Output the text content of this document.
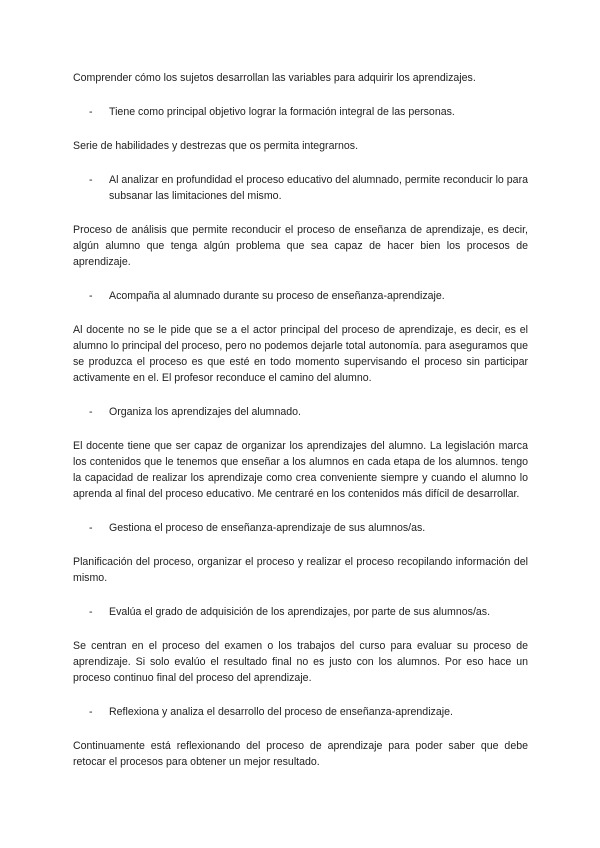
Comprender cómo los sujetos desarrollan las variables para adquirir los aprendizajes.

- Tiene como principal objetivo lograr la formación integral de las personas.

Serie de habilidades y destrezas que os permita integrarnos.

- Al analizar en profundidad el proceso educativo del alumnado, permite reconducir lo para subsanar las limitaciones del mismo.

Proceso de análisis que permite reconducir el proceso de enseñanza de aprendizaje, es decir, algún alumno que tenga algún problema que sea capaz de hacer bien los procesos de aprendizaje.

- Acompaña al alumnado durante su proceso de enseñanza-aprendizaje.

Al docente no se le pide que se a el actor principal del proceso de aprendizaje, es decir, es el alumno lo principal del proceso, pero no podemos dejarle total autonomía. para aseguramos que se produzca el proceso es que esté en todo momento supervisando el proceso sin participar activamente en el. El profesor reconduce el camino del alumno.

- Organiza los aprendizajes del alumnado.

El docente tiene que ser capaz de organizar los aprendizajes del alumno. La legislación marca los contenidos que le tenemos que enseñar a los alumnos en cada etapa de los alumnos. tengo la capacidad de realizar los aprendizaje como crea conveniente siempre y cuando el alumno lo aprenda al final del proceso educativo. Me centraré en los contenidos más difícil de desarrollar.

- Gestiona el proceso de enseñanza-aprendizaje de sus alumnos/as.

Planificación del proceso, organizar el proceso y realizar el proceso recopilando información del mismo.

- Evalúa el grado de adquisición de los aprendizajes, por parte de sus alumnos/as.

Se centran en el proceso del examen o los trabajos del curso para evaluar su proceso de aprendizaje. Si solo evalúo el resultado final no es justo con los alumnos. Por eso hace un proceso continuo final del proceso del aprendizaje.

- Reflexiona y analiza el desarrollo del proceso de enseñanza-aprendizaje.

Continuamente está reflexionando del proceso de aprendizaje para poder saber que debe retocar el procesos para obtener un mejor resultado.
